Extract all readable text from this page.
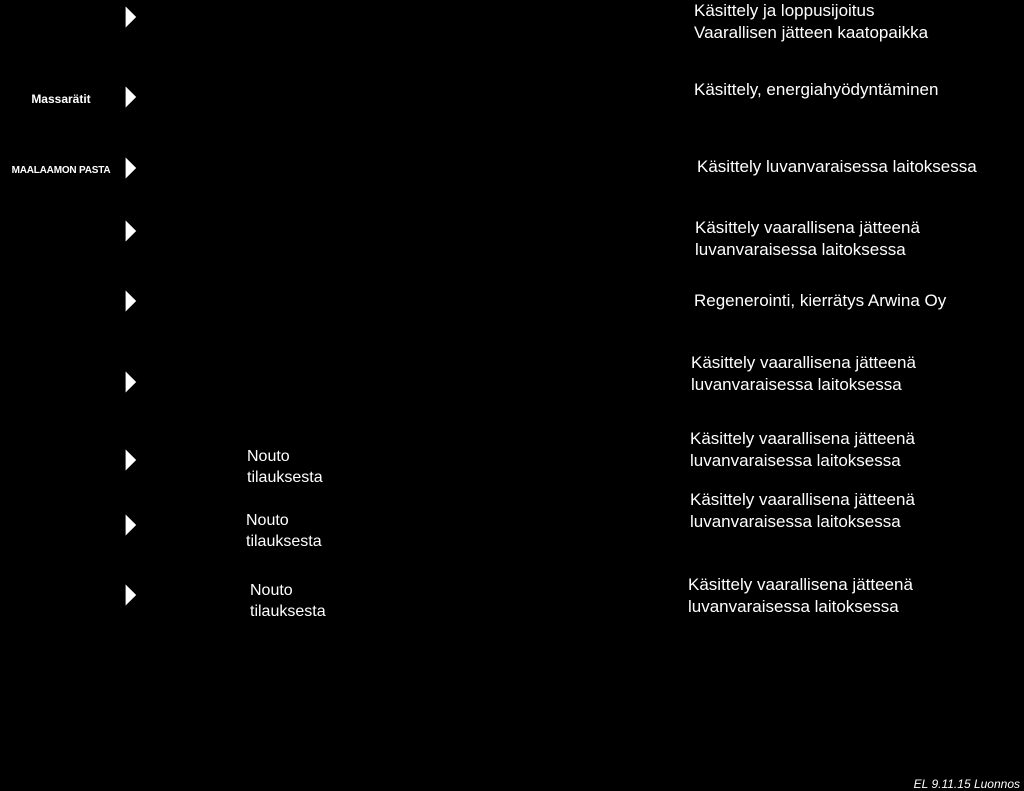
Massarätit
MAALAAMON PASTA
Nouto
tilauksesta
Nouto
tilauksesta
Nouto
tilauksesta
Käsittely ja loppusijoitus
Vaarallisen jätteen kaatopaikka
Käsittely, energiahyödyntäminen
Käsittely luvanvaraisessa laitoksessa
Käsittely vaarallisena jätteenä
luvanvaraisessa laitoksessa
Regenerointi, kierrätys Arwina Oy
Käsittely vaarallisena jätteenä
luvanvaraisessa laitoksessa
Käsittely vaarallisena jätteenä
luvanvaraisessa laitoksessa
Käsittely vaarallisena jätteenä
luvanvaraisessa laitoksessa
Käsittely vaarallisena jätteenä
luvanvaraisessa laitoksessa
EL 9.11.15 Luonnos
